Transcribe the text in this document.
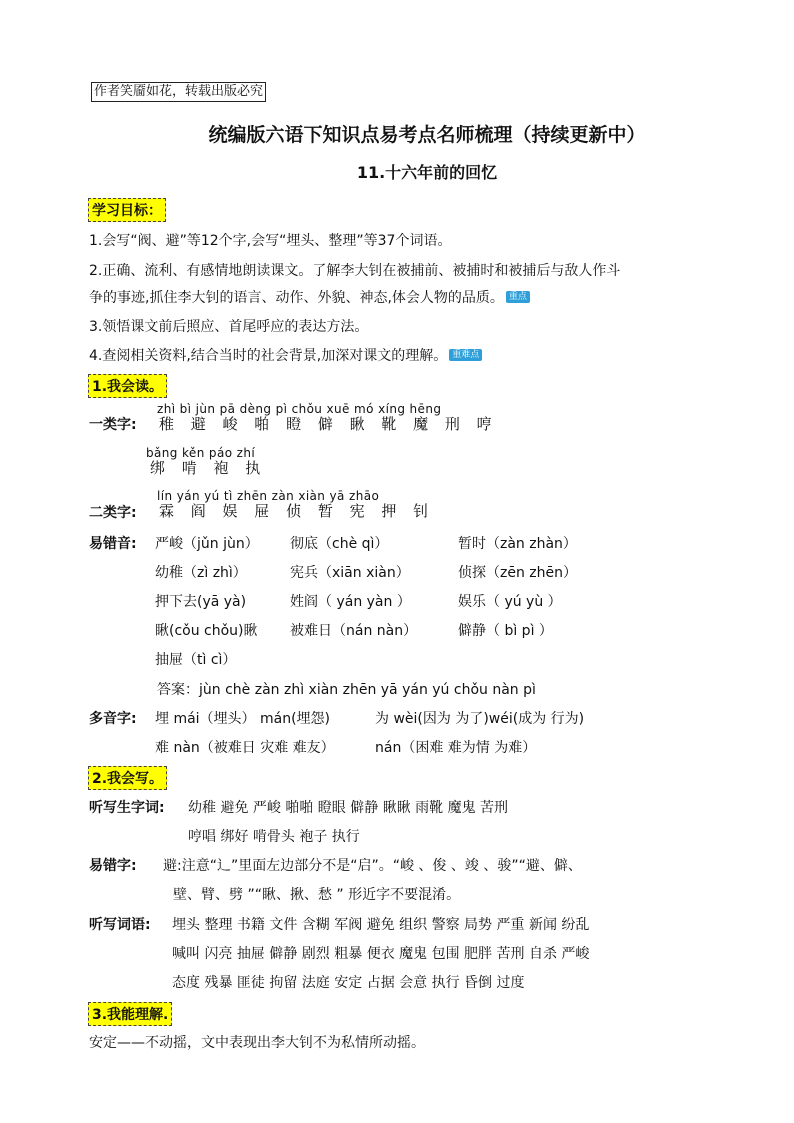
作者笑靥如花，转载出版必究
统编版六语下知识点易考点名师梳理（持续更新中）
11.十六年前的回忆
学习目标：
1.会写“阀、避”等12个字,会写“埋头、整理”等37个词语。
2.正确、流利、有感情地朗读课文。了解李大钊在被捕前、被捕时和被捕后与敌人作斗
争的事迹,抓住李大钊的语言、动作、外貌、神态,体会人物的品质。 重点
3.领悟课文前后照应、首尾呼应的表达方法。
4.查阅相关资料,结合当时的社会背景,加深对课文的理解。 重难点
1.我会读。
zhì bì jùn pā dèng pì chǒu xuē mó xíng hēng
一类字: 稚 避 峻 啪 瞪 僻 瞅 靴 魔 刑 哼
bǎng kěn páo zhí
绑 啃 袍 执
lín yán yú tì zhēn zàn xiàn yā zhāo
二类字: 霖 阎 娱 屉 侦 暂 宪 押 钊
易错音: 严峻（jǔn jùn） 彻底（chè qì）	暂时（zàn zhàn）
幼稚（zì zhì）	宪兵（xiān xiàn）	侦探（zēn zhēn）
押下去(yā yà)	姓阎（ yán yàn ）	娱乐（ yú yù ）
瞅(cǒu chǒu)瞅 被难日（nán nàn）	僻静（ bì pì ）
抽屉（tì cì）
答案：jùn chè zàn zhì xiàn zhēn yā yán yú chǒu nàn pì
多音字: 埋 mái（埋头） mán(埋怨)	为 wèi(因为 为了)wéi(成为 行为)
难 nàn（被难日 灾难 难友）	nán（困难 难为情 为难）
2.我会写。
听写生字词: 幼稚 避免 严峻 啪啪 瞪眼 僻静 瞅瞅 雨靴 魔鬼 苦刑
哼唱 绑好 啃骨头 袍子 执行
易错字: 避:注意“辶”里面左边部分不是“启”。“峻 、俊 、竣 、骏”“避、僻、
壁、臂、劈 ”“瞅、揪、愁 ” 形近字不要混淆。
听写词语: 埋头 整理 书籍 文件 含糊 军阀 避免 组织 警察 局势 严重 新闻 纷乱
喊叫 闪亮 抽屉 僻静 剧烈 粗暴 便衣 魔鬼 包围 肥胖 苦刑 自杀 严峻
态度 残暴 匪徒 拘留 法庭 安定 占据 会意 执行 昏倒 过度
3.我能理解.
安定——不动摇，文中表现出李大钊不为私情所动摇。
